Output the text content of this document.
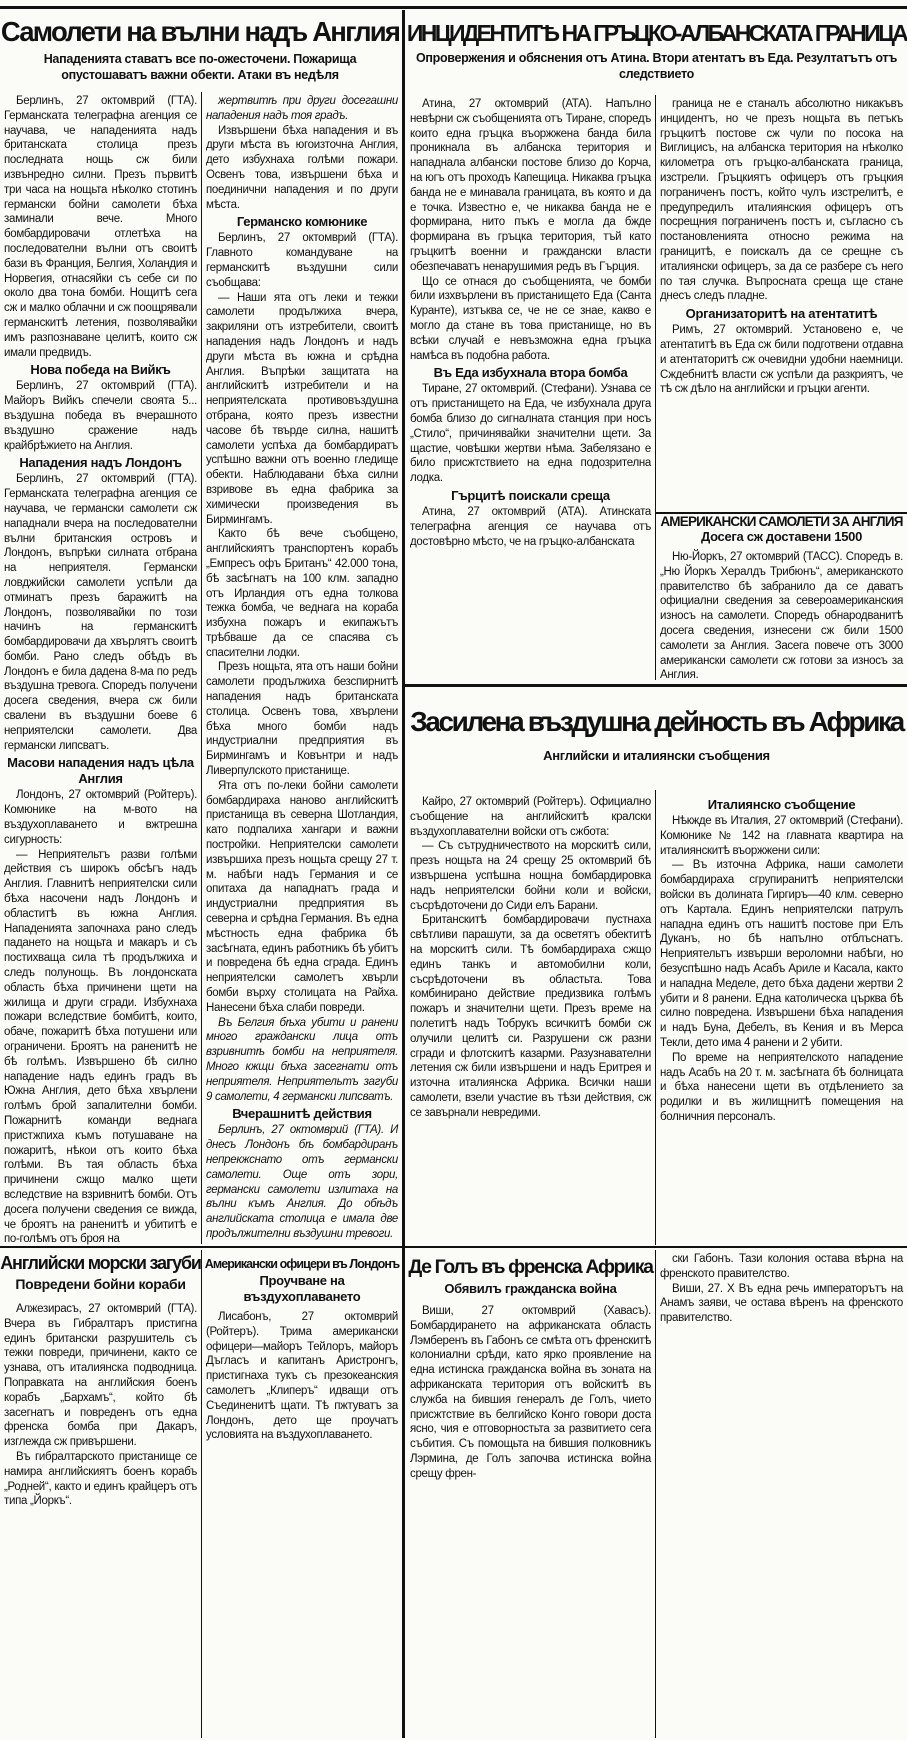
Самолети на вълни надъ Англия
Нападенията ставатъ все по-ожесточени. Пожарища опустошаватъ важни обекти. Атаки въ недѣля
ИНЦИДЕНТИТѢ НА ГРЪЦКО-АЛБАНСКАТА ГРАНИЦА
Опровержения и обяснения отъ Атина. Втори атентатъ въ Еда. Резултатътъ отъ следствието
Засилена въздушна дейность въ Африка
Английски и италиянски съобщения

Берлинъ, 27 октомврий (ГТА). Германската телеграфна агенция се научава, че нападенията надъ британската столица презъ последната нощь сж били извънредно силни. Презъ първитѣ три часа на нощьта нѣколко стотинъ германски бойни самолети бѣха заминали вече. Много бомбардировачи отлетѣха на последователни вълни отъ своитѣ бази въ Франция, Белгия, Холандия и Норвегия, отнасяйки съ себе си по около два тона бомби. Нощитѣ сега сж и малко облачни и сж поощрявали германскитѣ летения, позволявайки имъ разпознаване целитѣ, които сж имали предвидъ.

Нова победа на Вийкъ

Берлинъ, 27 октомврий (ГТА). Майоръ Вийкъ спечели своята 5... въздушна победа въ вчерашното въздушно сражение надъ крайбрѣжието на Англия.

Нападения надъ Лондонъ

Берлинъ, 27 октомврий (ГТА). Германската телеграфна агенция се научава, че германски самолети сж нападнали вчера на последователни вълни британския островъ и Лондонъ, въпрѣки силната отбрана на неприятеля. Германски ловджийски самолети успѣли да отминатъ презъ баражитѣ на Лондонъ, позволявайки по този начинъ на германскитѣ бомбардировачи да хвърлятъ своитѣ бомби. Рано следъ обѣдъ въ Лондонъ е била дадена 8-ма по редъ въздушна тревога. Споредъ получени досега сведения, вчера сж били свалени въ въздушни боеве 6 неприятелски самолети. Два германски липсватъ.

Масови нападения надъ цѣла Англия

Лондонъ, 27 октомврий (Ройтеръ). Комюнике на м-вото на въздухоплаването и вжтрешна сигурность:

— Неприятельтъ разви голѣми действия съ широкъ обсѣгъ надъ Англия. Главнитѣ неприятелски сили бѣха насочени надъ Лондонъ и областитѣ въ южна Англия. Нападенията започнаха рано следъ падането на нощьта и макаръ и съ постихваща сила тѣ продължиха и следъ полунощь. Въ лондонската область бѣха причинени щети на жилища и други сгради. Избухнаха пожари вследствие бомбитѣ, които, обаче, пожаритѣ бѣха потушени или ограничени. Броятъ на раненитѣ не бѣ голѣмъ. Извършено бѣ силно нападение надъ единъ градъ въ Южна Англия, дето бѣха хвърлени голѣмъ брой запалителни бомби. Пожарнитѣ команди веднага пристжпиха къмъ потушаване на пожаритѣ, нѣкои отъ които бѣха голѣми. Въ тая область бѣха причинени сжщо малко щети вследствие на взривнитѣ бомби. Отъ досега получени сведения се вижда, че броятъ на раненитѣ и убититѣ е по-голѣмъ отъ броя на

жертвитѣ при други досегашни нападения надъ тоя градъ.

Извършени бѣха нападения и въ други мѣста въ югоизточна Англия, дето избухнаха голѣми пожари. Освенъ това, извършени бѣха и поединични нападения и по други мѣста.

Германско комюнике

Берлинъ, 27 октомврий (ГТА). Главното командуване на германскитѣ въздушни сили съобщава:

— Наши ята отъ леки и тежки самолети продължиха вчера, закриляни отъ изтребители, своитѣ нападения надъ Лондонъ и надъ други мѣста въ южна и срѣдна Англия. Въпрѣки защитата на английскитѣ изтребители и на неприятелската противовъздушна отбрана, която презъ известни часове бѣ твърде силна, нашитѣ самолети успѣха да бомбардиратъ успѣшно важни отъ военно гледище обекти. Наблюдавани бѣха силни взривове въ една фабрика за химически произведения въ Бирмингамъ.

Както бѣ вече съобщено, английскиятъ транспортенъ корабъ „Емпресъ офъ Британъ“ 42.000 тона, бѣ засѣгнатъ на 100 клм. западно отъ Ирландия отъ една толкова тежка бомба, че веднага на кораба избухна пожаръ и екипажътъ трѣбваше да се спасява съ спасителни лодки.

Презъ нощьта, ята отъ наши бойни самолети продължиха безспирнитѣ нападения надъ британската столица. Освенъ това, хвърлени бѣха много бомби надъ индустриални предприятия въ Бирмингамъ и Ковънтри и надъ Ливерпулското пристанище.

Ята отъ по-леки бойни самолети бомбардираха наново английскитѣ пристанища въ северна Шотландия, като подпалиха хангари и важни постройки. Неприятелски самолети извършиха презъ нощьта срещу 27 т. м. набѣги надъ Германия и се опитаха да нападнатъ града и индустриални предприятия въ северна и срѣдна Германия. Въ една мѣстность една фабрика бѣ засѣгната, единъ работникъ бѣ убитъ и повредена бѣ една сграда. Единъ неприятелски самолетъ хвърли бомби върху столицата на Райха. Нанесени бѣха слаби повреди.

Въ Белгия бѣха убити и ранени много граждански лица отъ взривнитѣ бомби на неприятеля. Много кжщи бѣха засегнати отъ неприятеля. Неприятельтъ загуби 9 самолети, 4 германски липсватъ.

Вчерашнитѣ действия

Берлинъ, 27 октомврий (ГТА). И днесъ Лондонъ бѣ бомбардиранъ непрекжснато отъ германски самолети. Още отъ зори, германски самолети излитаха на вълни къмъ Англия. До обѣдъ английската столица е имала две продължителни въздушни тревоги.

Атина, 27 октомврий (АТА). Напълно невѣрни сж съобщенията отъ Тиране, споредъ които една гръцка въоржжена банда била проникнала въ албанска територия и нападнала албански постове близо до Корча, на югъ отъ проходъ Капещица. Никаква гръцка банда не е минавала границата, въ която и да е точка. Известно е, че никаква банда не е формирана, нито пъкъ е могла да бжде формирана въ гръцка територия, тъй като гръцкитѣ военни и граждански власти обезпечаватъ ненарушимия редъ въ Гърция.

Що се отнася до съобщенията, че бомби били изхвърлени въ пристанището Еда (Санта Куранте), изтъква се, че не се знае, какво е могло да стане въ това пристанище, но въ всѣки случай е невъзможна една гръцка намѣса въ подобна работа.

Въ Еда избухнала втора бомба

Тиране, 27 октомврий. (Стефани). Узнава се отъ пристанището на Еда, че избухнала друга бомба близо до сигналната станция при носъ „Стило“, причинявайки значителни щети. За щастие, човѣшки жертви нѣма. Забелязано е било присжтствието на една подозрителна лодка.

Гърцитѣ поискали среща

Атина, 27 октомврий (АТА). Атинската телеграфна агенция се научава отъ достовѣрно мѣсто, че на гръцко-албанската

граница не е станалъ абсолютно никакъвъ инцидентъ, но че презъ нощьта въ петъкъ гръцкитѣ постове сж чули по посока на Виглицисъ, на албанска територия на нѣколко километра отъ гръцко-албанската граница, изстрели. Гръцкиятъ офицеръ отъ гръцкия пограниченъ постъ, който чулъ изстрелитѣ, е предупредилъ италиянския офицеръ отъ посрещния пограниченъ постъ и, съгласно съ постановленията относно режима на границитѣ, е поискалъ да се срещне съ италиянски офицеръ, за да се разбере съ него по тая случка. Въпросната среща ще стане днесъ следъ пладне.

Организаторитѣ на атентатитѣ

Римъ, 27 октомврий. Установено е, че атентатитѣ въ Еда сж били подготвени отдавна и атентаторитѣ сж очевидни удобни наемници. Сждебнитѣ власти сж успѣли да разкриятъ, че тѣ сж дѣло на английски и гръцки агенти.

АМЕРИКАНСКИ САМОЛЕТИ ЗА АНГЛИЯ
Досега сж доставени 1500

Ню-Йоркъ, 27 октомврий (ТАСС). Споредъ в. „Ню Йоркъ Хералдъ Трибюнъ“, американското правителство бѣ забранило да се даватъ официални сведения за североамериканския износъ на самолети. Споредъ обнародванитѣ досега сведения, изнесени сж били 1500 самолети за Англия. Засега повече отъ 3000 американски самолети сж готови за износъ за Англия.

Кайро, 27 октомврий (Ройтеръ). Официално съобщение на английскитѣ кралски въздухоплавателни войски отъ сжбота:

— Съ сътрудничеството на морскитѣ сили, презъ нощьта на 24 срещу 25 октомврий бѣ извършена успѣшна нощна бомбардировка надъ неприятелски бойни коли и войски, съсрѣдоточени до Сиди елъ Барани.

Британскитѣ бомбардировачи пустнаха свѣтливи парашути, за да осветятъ обектитѣ на морскитѣ сили. Тѣ бомбардираха сжщо единъ танкъ и автомобилни коли, съсрѣдоточени въ областьта. Това комбинирано действие предизвика голѣмъ пожаръ и значителни щети. Презъ време на полетитѣ надъ Тобрукъ всичкитѣ бомби сж олучили целитѣ си. Разрушени сж разни сгради и флотскитѣ казарми. Разузнавателни летения сж били извършени и надъ Еритрея и източна италиянска Африка. Всички наши самолети, взели участие въ тѣзи действия, сж се завърнали невредими.

Италиянско съобщение

Нѣкжде въ Италия, 27 октомврий (Стефани). Комюнике № 142 на главната квартира на италиянскитѣ въоржжени сили:

— Въ източна Африка, наши самолети бомбардираха сгрупиранитѣ неприятелски войски въ долината Гиргиръ—40 клм. северно отъ Картала. Единъ неприятелски патрулъ нападна единъ отъ нашитѣ постове при Елъ Дуканъ, но бѣ напълно отблъснатъ. Неприятельтъ извърши вероломни набѣги, но безуспѣшно надъ Асабъ Ариле и Касала, както и нападна Меделе, дето бѣха дадени жертви 2 убити и 8 ранени. Една католическа църква бѣ силно повредена. Извършени бѣха нападения и надъ Буна, Дебелъ, въ Кения и въ Мерса Текли, дето има 4 ранени и 2 убити.

По време на неприятелското нападение надъ Асабъ на 20 т. м. засѣгната бѣ болницата и бѣха нанесени щети въ отдѣлението за родилки и въ жилищнитѣ помещения на болничния персоналъ.

Английски морски загуби
Повредени бойни кораби

Алжезирасъ, 27 октомврий (ГТА). Вчера въ Гибралтаръ пристигна единъ британски разрушитель съ тежки повреди, причинени, както се узнава, отъ италиянска подводница. Поправката на английския боенъ корабъ „Бархамъ“, който бѣ засегнатъ и повреденъ отъ една френска бомба при Дакаръ, изглежда сж привършени.

Въ гибралтарското пристанище се намира английскиятъ боенъ корабъ „Родней“, както и единъ крайцеръ отъ типа „Йоркъ“.

Американски офицери въ Лондонъ
Проучване на въздухоплаването

Лисабонъ, 27 октомврий (Ройтеръ). Трима американски офицери—майоръ Тейлоръ, майоръ Дъгласъ и капитанъ Аристронгъ, пристигнаха тукъ съ презокеанския самолетъ „Клиперъ“ идващи отъ Съединенитѣ щати. Тѣ пжтуватъ за Лондонъ, дето ще проучатъ условията на въздухоплаването.

Де Голъ въ френска Африка
Обявилъ гражданска война

Виши, 27 октомврий (Хавасъ). Бомбардирането на африканската область Лэмберенъ въ Габонъ се смѣта отъ френскитѣ колониални срѣди, като ярко проявление на една истинска гражданска война въ зоната на африканската територия отъ войскитѣ въ служба на бившия генералъ де Голъ, чието присжтствие въ белгийско Конго говори доста ясно, чия е отговорностьта за развитието сега събития. Съ помощьта на бившия полковникъ Лэрмина, де Голъ започва истинска война срещу френ-

ски Габонъ. Тази колония остава вѣрна на френското правителство.

Виши, 27. X Въ една речь императорътъ на Анамъ заяви, че остава вѣренъ на френското правителство.
